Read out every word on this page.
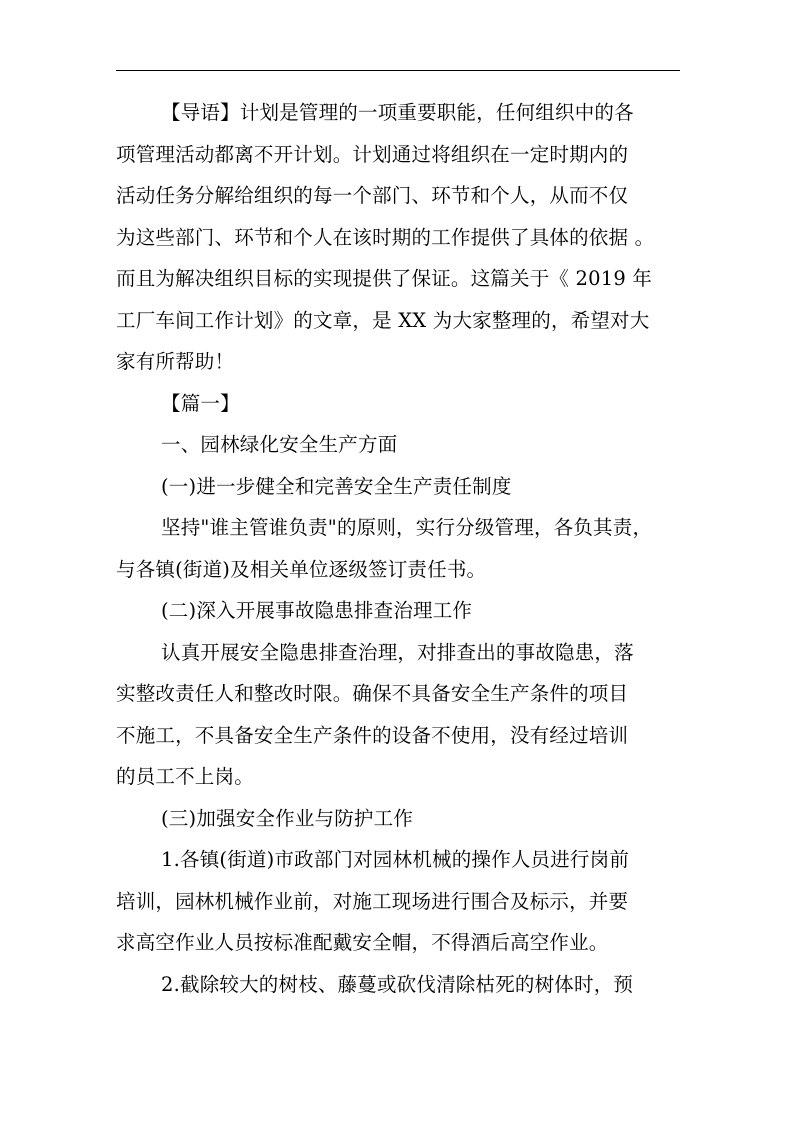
【导语】计划是管理的一项重要职能，任何组织中的各

项管理活动都离不开计划。计划通过将组织在一定时期内的

活动任务分解给组织的每一个部门、环节和个人，从而不仅

为这些部门、环节和个人在该时期的工作提供了具体的依据 。

而且为解决组织目标的实现提供了保证。这篇关于《 2019 年

工厂车间工作计划》的文章，是 XX 为大家整理的，希望对大

家有所帮助！

【篇一】

一、园林绿化安全生产方面

(一)进一步健全和完善安全生产责任制度

坚持"谁主管谁负责"的原则，实行分级管理，各负其责，

与各镇(街道)及相关单位逐级签订责任书。

(二)深入开展事故隐患排查治理工作

认真开展安全隐患排查治理，对排查出的事故隐患，落

实整改责任人和整改时限。确保不具备安全生产条件的项目

不施工，不具备安全生产条件的设备不使用，没有经过培训

的员工不上岗。

(三)加强安全作业与防护工作

1.各镇(街道)市政部门对园林机械的操作人员进行岗前

培训，园林机械作业前，对施工现场进行围合及标示，并要

求高空作业人员按标准配戴安全帽，不得酒后高空作业。

2.截除较大的树枝、藤蔓或砍伐清除枯死的树体时，预
